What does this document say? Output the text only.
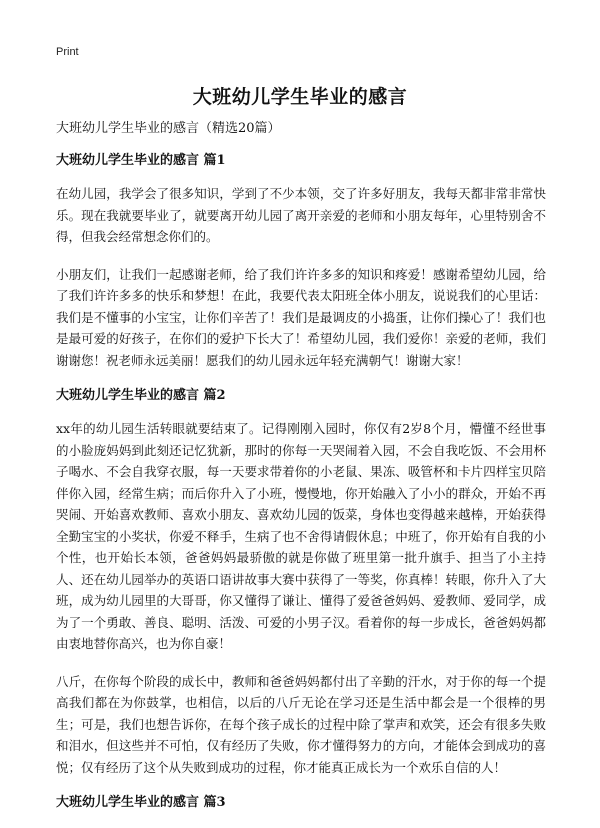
Print
大班幼儿学生毕业的感言
大班幼儿学生毕业的感言（精选20篇）
大班幼儿学生毕业的感言 篇1
在幼儿园，我学会了很多知识，学到了不少本领，交了许多好朋友，我每天都非常非常快乐。现在我就要毕业了，就要离开幼儿园了离开亲爱的老师和小朋友每年，心里特别舍不得，但我会经常想念你们的。
小朋友们，让我们一起感谢老师，给了我们许许多多的知识和疼爱！感谢希望幼儿园，给了我们许许多多的快乐和梦想！在此，我要代表太阳班全体小朋友，说说我们的心里话：我们是不懂事的小宝宝，让你们辛苦了！我们是最调皮的小捣蛋，让你们操心了！我们也是最可爱的好孩子，在你们的爱护下长大了！希望幼儿园，我们爱你！亲爱的老师，我们谢谢您！祝老师永远美丽！愿我们的幼儿园永远年轻充满朝气！谢谢大家！
大班幼儿学生毕业的感言 篇2
xx年的幼儿园生活转眼就要结束了。记得刚刚入园时，你仅有2岁8个月，懵懂不经世事的小脸庞妈妈到此刻还记忆犹新，那时的你每一天哭闹着入园，不会自我吃饭、不会用杯子喝水、不会自我穿衣服，每一天要求带着你的小老鼠、果冻、吸管杯和卡片四样宝贝陪伴你入园，经常生病；而后你升入了小班，慢慢地，你开始融入了小小的群众，开始不再哭闹、开始喜欢教师、喜欢小朋友、喜欢幼儿园的饭菜，身体也变得越来越棒，开始获得全勤宝宝的小奖状，你爱不释手，生病了也不舍得请假休息；中班了，你开始有自我的小个性，也开始长本领，爸爸妈妈最骄傲的就是你做了班里第一批升旗手、担当了小主持人、还在幼儿园举办的英语口语讲故事大赛中获得了一等奖，你真棒！转眼，你升入了大班，成为幼儿园里的大哥哥，你又懂得了谦让、懂得了爱爸爸妈妈、爱教师、爱同学，成为了一个勇敢、善良、聪明、活泼、可爱的小男子汉。看着你的每一步成长，爸爸妈妈都由衷地替你高兴，也为你自豪！
八斤，在你每个阶段的成长中，教师和爸爸妈妈都付出了辛勤的汗水，对于你的每一个提高我们都在为你鼓掌，也相信，以后的八斤无论在学习还是生活中都会是一个很棒的男生；可是，我们也想告诉你，在每个孩子成长的过程中除了掌声和欢笑，还会有很多失败和泪水，但这些并不可怕，仅有经历了失败，你才懂得努力的方向，才能体会到成功的喜悦；仅有经历了这个从失败到成功的过程，你才能真正成长为一个欢乐自信的人！
大班幼儿学生毕业的感言 篇3
